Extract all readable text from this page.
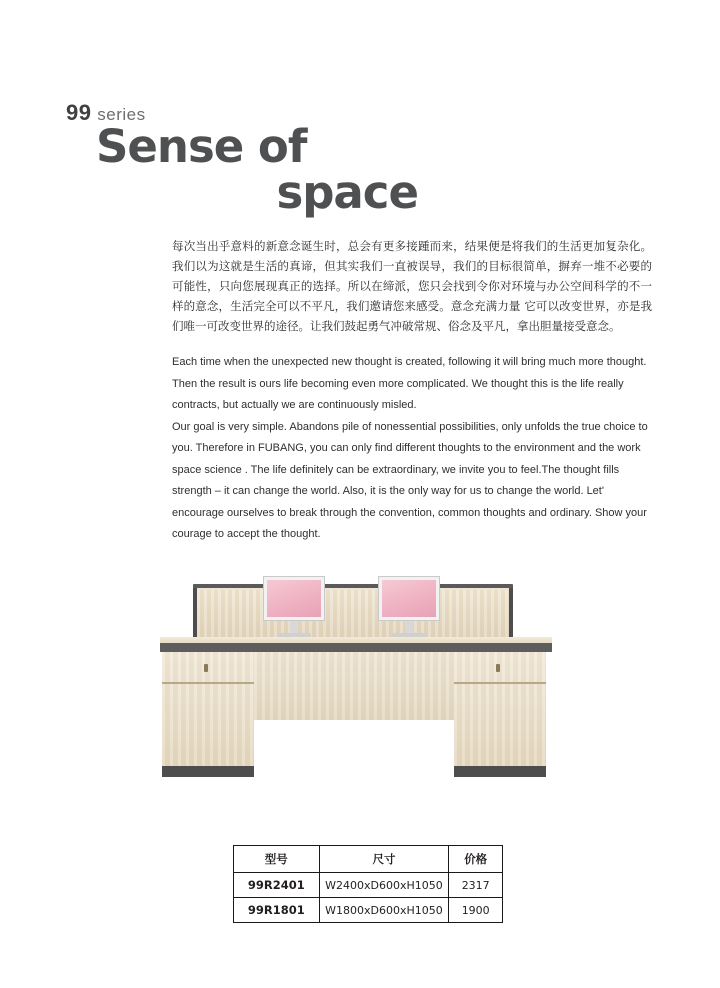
99 series
Sense of
space
每次当出乎意料的新意念诞生时，总会有更多接踵而来，结果便是将我们的生活更加复杂化。我们以为这就是生活的真谛，但其实我们一直被误导，我们的目标很简单，摒弃一堆不必要的可能性，只向您展现真正的选择。所以在缔派，您只会找到令你对环境与办公空间科学的不一样的意念，生活完全可以不平凡，我们邀请您来感受。意念充满力量 它可以改变世界，亦是我们唯一可改变世界的途径。让我们鼓起勇气冲破常规、俗念及平凡，拿出胆量接受意念。

Each time when the unexpected new thought is created, following it will bring much more thought. Then the result is ours life becoming even more complicated. We thought this is the life really contracts, but actually we are continuously misled.

Our goal is very simple. Abandons pile of nonessential possibilities, only unfolds the true choice to you. Therefore in FUBANG, you can only find different thoughts to the environment and the work space science . The life definitely can be extraordinary, we invite you to feel.The thought fills strength – it can change the world. Also, it is the only way for us to change the world. Let' encourage ourselves to break through the convention, common thoughts and ordinary. Show your courage to accept the thought.

型号	尺寸	价格
99R2401	W2400xD600xH1050	2317
99R1801	W1800xD600xH1050	1900
